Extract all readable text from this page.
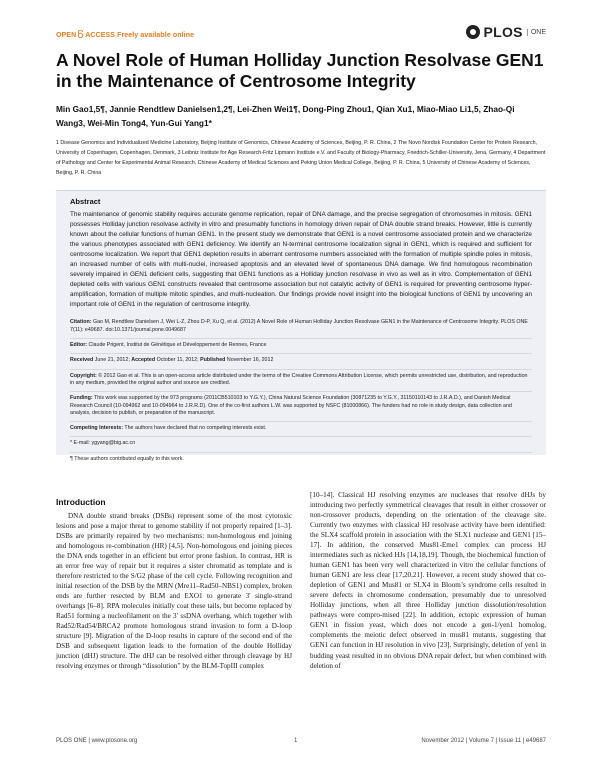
OPEN ACCESS Freely available online	PLOS	ONE
A Novel Role of Human Holliday Junction Resolvase GEN1 in the Maintenance of Centrosome Integrity
Min Gao1,5¶, Jannie Rendtlew Danielsen1,2¶, Lei-Zhen Wei1¶, Dong-Ping Zhou1, Qian Xu1, Miao-Miao Li1,5, Zhao-Qi Wang3, Wei-Min Tong4, Yun-Gui Yang1*
1 Disease Genomics and Individualized Medicine Laboratory, Beijing Institute of Genomics, Chinese Academy of Sciences, Beijing, P. R. China, 2 The Novo Nordisk Foundation Center for Protein Research, University of Copenhagen, Copenhagen, Denmark, 3 Leibniz Institute for Age Research-Fritz Lipmann Institute e.V. and Faculty of Biology-Pharmacy, Friedrich-Schiller-University, Jena, Germany, 4 Department of Pathology and Center for Experimental Animal Research, Chinese Academy of Medical Sciences and Peking Union Medical College, Beijing, P. R. China, 5 University of Chinese Academy of Sciences, Beijing, P. R. China
Abstract

The maintenance of genomic stability requires accurate genome replication, repair of DNA damage, and the precise segregation of chromosomes in mitosis. GEN1 possesses Holliday junction resolvase activity in vitro and presumably functions in homology driven repair of DNA double strand breaks. However, little is currently known about the cellular functions of human GEN1. In the present study we demonstrate that GEN1 is a novel centrosome associated protein and we characterize the various phenotypes associated with GEN1 deficiency. We identify an N-terminal centrosome localization signal in GEN1, which is required and sufficient for centrosome localization. We report that GEN1 depletion results in aberrant centrosome numbers associated with the formation of multiple spindle poles in mitosis, an increased number of cells with multi-nuclei, increased apoptosis and an elevated level of spontaneous DNA damage. We find homologous recombination severely impaired in GEN1 deficient cells, suggesting that GEN1 functions as a Holliday junction resolvase in vivo as well as in vitro. Complementation of GEN1 depleted cells with various GEN1 constructs revealed that centrosome association but not catalytic activity of GEN1 is required for preventing centrosome hyper-amplification, formation of multiple mitotic spindles, and multi-nucleation. Our findings provide novel insight into the biological functions of GEN1 by uncovering an important role of GEN1 in the regulation of centrosome integrity.

Citation: Gao M, Rendtlew Danielsen J, Wei L-Z, Zhou D-P, Xu Q, et al. (2012) A Novel Role of Human Holliday Junction Resolvase GEN1 in the Maintenance of Centrosome Integrity. PLOS ONE 7(11): e49687. doi:10.1371/journal.pone.0049687
Editor: Claude Prigent, Institut de Génétique et Développement de Rennes, France
Received June 21, 2012; Accepted October 11, 2012; Published November 16, 2012
Copyright: © 2012 Gao et al. This is an open-access article distributed under the terms of the Creative Commons Attribution License, which permits unrestricted use, distribution, and reproduction in any medium, provided the original author and source are credited.
Funding: This work was supported by the 973 programs (2011CB510103 to Y.G.Y.), China Natural Science Foundation (30871235 to Y.G.Y., 31150110143 to J.R.A.D.), and Danish Medical Research Council (10-094962 and 10-094964 to J.R.R.D). One of the co-first authors L.W. was supported by NSFC (81000866). The funders had no role in study design, data collection and analysis, decision to publish, or preparation of the manuscript.
Competing Interests: The authors have declared that no competing interests exist.
* E-mail: ygyang@big.ac.cn
¶ These authors contributed equally to this work.
Introduction

DNA double strand breaks (DSBs) represent some of the most cytotoxic lesions and pose a major threat to genome stability if not properly repaired [1–3]. DSBs are primarily repaired by two mechanisms: non-homologous end joining and homologous re-combination (HR) [4,5]. Non-homologous end joining pieces the DNA ends together in an efficient but error prone fashion. In contrast, HR is an error free way of repair but it requires a sister chromatid as template and is therefore restricted to the S/G2 phase of the cell cycle. Following recognition and initial resection of the DSB by the MRN (Mre11–Rad50–NBS1) complex, broken ends are further resected by BLM and EXO1 to generate 3′ single-strand overhangs [6–8]. RPA molecules initially coat these tails, but become replaced by Rad51 forming a nucleofilament on the 3′ ssDNA overhang, which together with Rad52/Rad54/BRCA2 promote homologous strand invasion to form a D-loop structure [9]. Migration of the D-loop results in capture of the second end of the DSB and subsequent ligation leads to the formation of the double Holliday junction (dHJ) structure. The dHJ can be resolved either through cleavage by HJ resolving enzymes or through “dissolution” by the BLM-TopIII complex

[10–14]. Classical HJ resolving enzymes are nucleases that resolve dHJs by introducing two perfectly symmetrical cleavages that result in either crossover or non-crossover products, depending on the orientation of the cleavage site. Currently two enzymes with classical HJ resolvase activity have been identified: the SLX4 scaffold protein in association with the SLX1 nuclease and GEN1 [15–17]. In addition, the conserved Mus81-Eme1 complex can process HJ intermediates such as nicked HJs [14,18,19]. Though, the biochemical function of human GEN1 has been very well characterized in vitro the cellular functions of human GEN1 are less clear [17,20,21]. However, a recent study showed that co-depletion of GEN1 and Mus81 or SLX4 in Bloom’s syndrome cells resulted in severe defects in chromosome condensation, presumably due to unresolved Holliday junctions, when all three Holliday junction dissolution/resolution pathways were compro-mised [22]. In addition, ectopic expression of human GEN1 in fission yeast, which does not encode a gen-1/yen1 homolog, complements the meiotic defect observed in mus81 mutants, suggesting that GEN1 can function in HJ resolution in vivo [23]. Surprisingly, deletion of yen1 in budding yeast resulted in no obvious DNA repair defect, but when combined with deletion of

PLOS ONE | www.plosone.org	1	November 2012 | Volume 7 | Issue 11 | e49687
